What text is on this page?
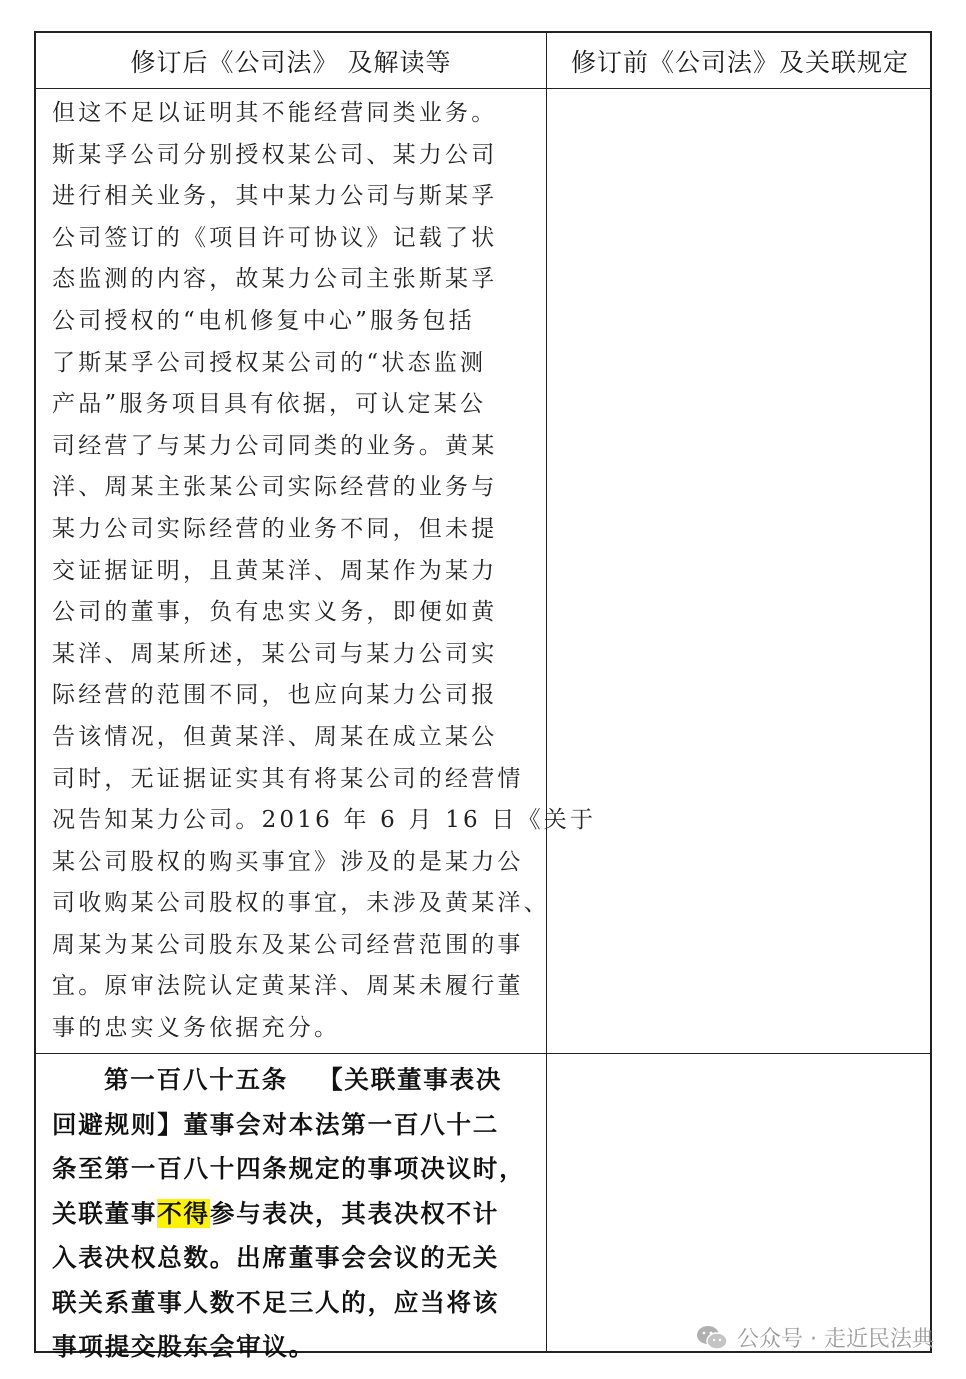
修订后《公司法》 及解读等	修订前《公司法》及关联规定
但这不足以证明其不能经营同类业务。
斯某孚公司分别授权某公司、某力公司
进行相关业务，其中某力公司与斯某孚
公司签订的《项目许可协议》记载了状
态监测的内容，故某力公司主张斯某孚
公司授权的“电机修复中心”服务包括
了斯某孚公司授权某公司的“状态监测
产品”服务项目具有依据，可认定某公
司经营了与某力公司同类的业务。黄某
洋、周某主张某公司实际经营的业务与
某力公司实际经营的业务不同，但未提
交证据证明，且黄某洋、周某作为某力
公司的董事，负有忠实义务，即便如黄
某洋、周某所述，某公司与某力公司实
际经营的范围不同，也应向某力公司报
告该情况，但黄某洋、周某在成立某公
司时，无证据证实其有将某公司的经营情
况告知某力公司。2016 年 6 月 16 日《关于
某公司股权的购买事宜》涉及的是某力公
司收购某公司股权的事宜，未涉及黄某洋、
周某为某公司股东及某公司经营范围的事
宜。原审法院认定黄某洋、周某未履行董
事的忠实义务依据充分。
第一百八十五条 【关联董事表决
回避规则】董事会对本法第一百八十二
条至第一百八十四条规定的事项决议时，
关联董事不得参与表决，其表决权不计
入表决权总数。出席董事会会议的无关
联关系董事人数不足三人的，应当将该
事项提交股东会审议。	公众号 · 走近民法典
